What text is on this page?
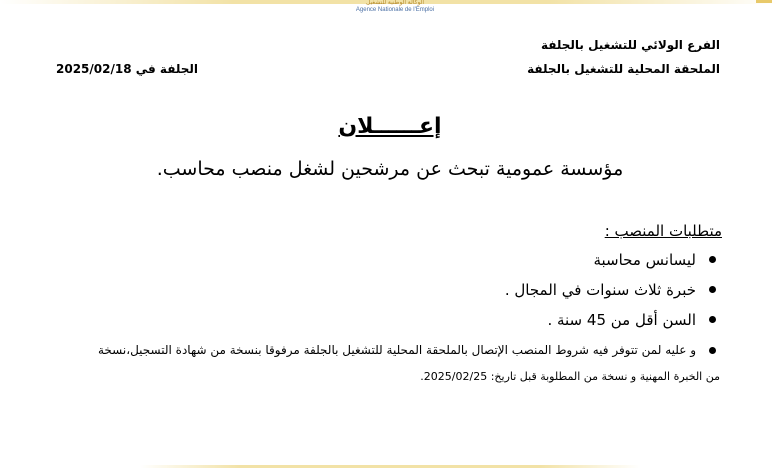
الوكالة الوطنية للتشغيل
Agence Nationale de l'Emploi
الفرع الولائي للتشغيل بالجلفة
الملحقة المحلية للتشغيل بالجلفة
الجلفة في 2025/02/18
إعــــــلان
مؤسسة عمومية تبحث عن مرشحين لشغل منصب محاسب.
متطلبات المنصب :
ليسانس محاسبة
خبرة ثلاث سنوات في المجال .
السن أقل من 45 سنة .
و عليه لمن تتوفر فيه شروط المنصب الإتصال بالملحقة المحلية للتشغيل بالجلفة مرفوقا بنسخة من شهادة التسجيل،نسخة
من الخبرة المهنية و نسخة من المطلوبة قبل تاريخ: 2025/02/25.
